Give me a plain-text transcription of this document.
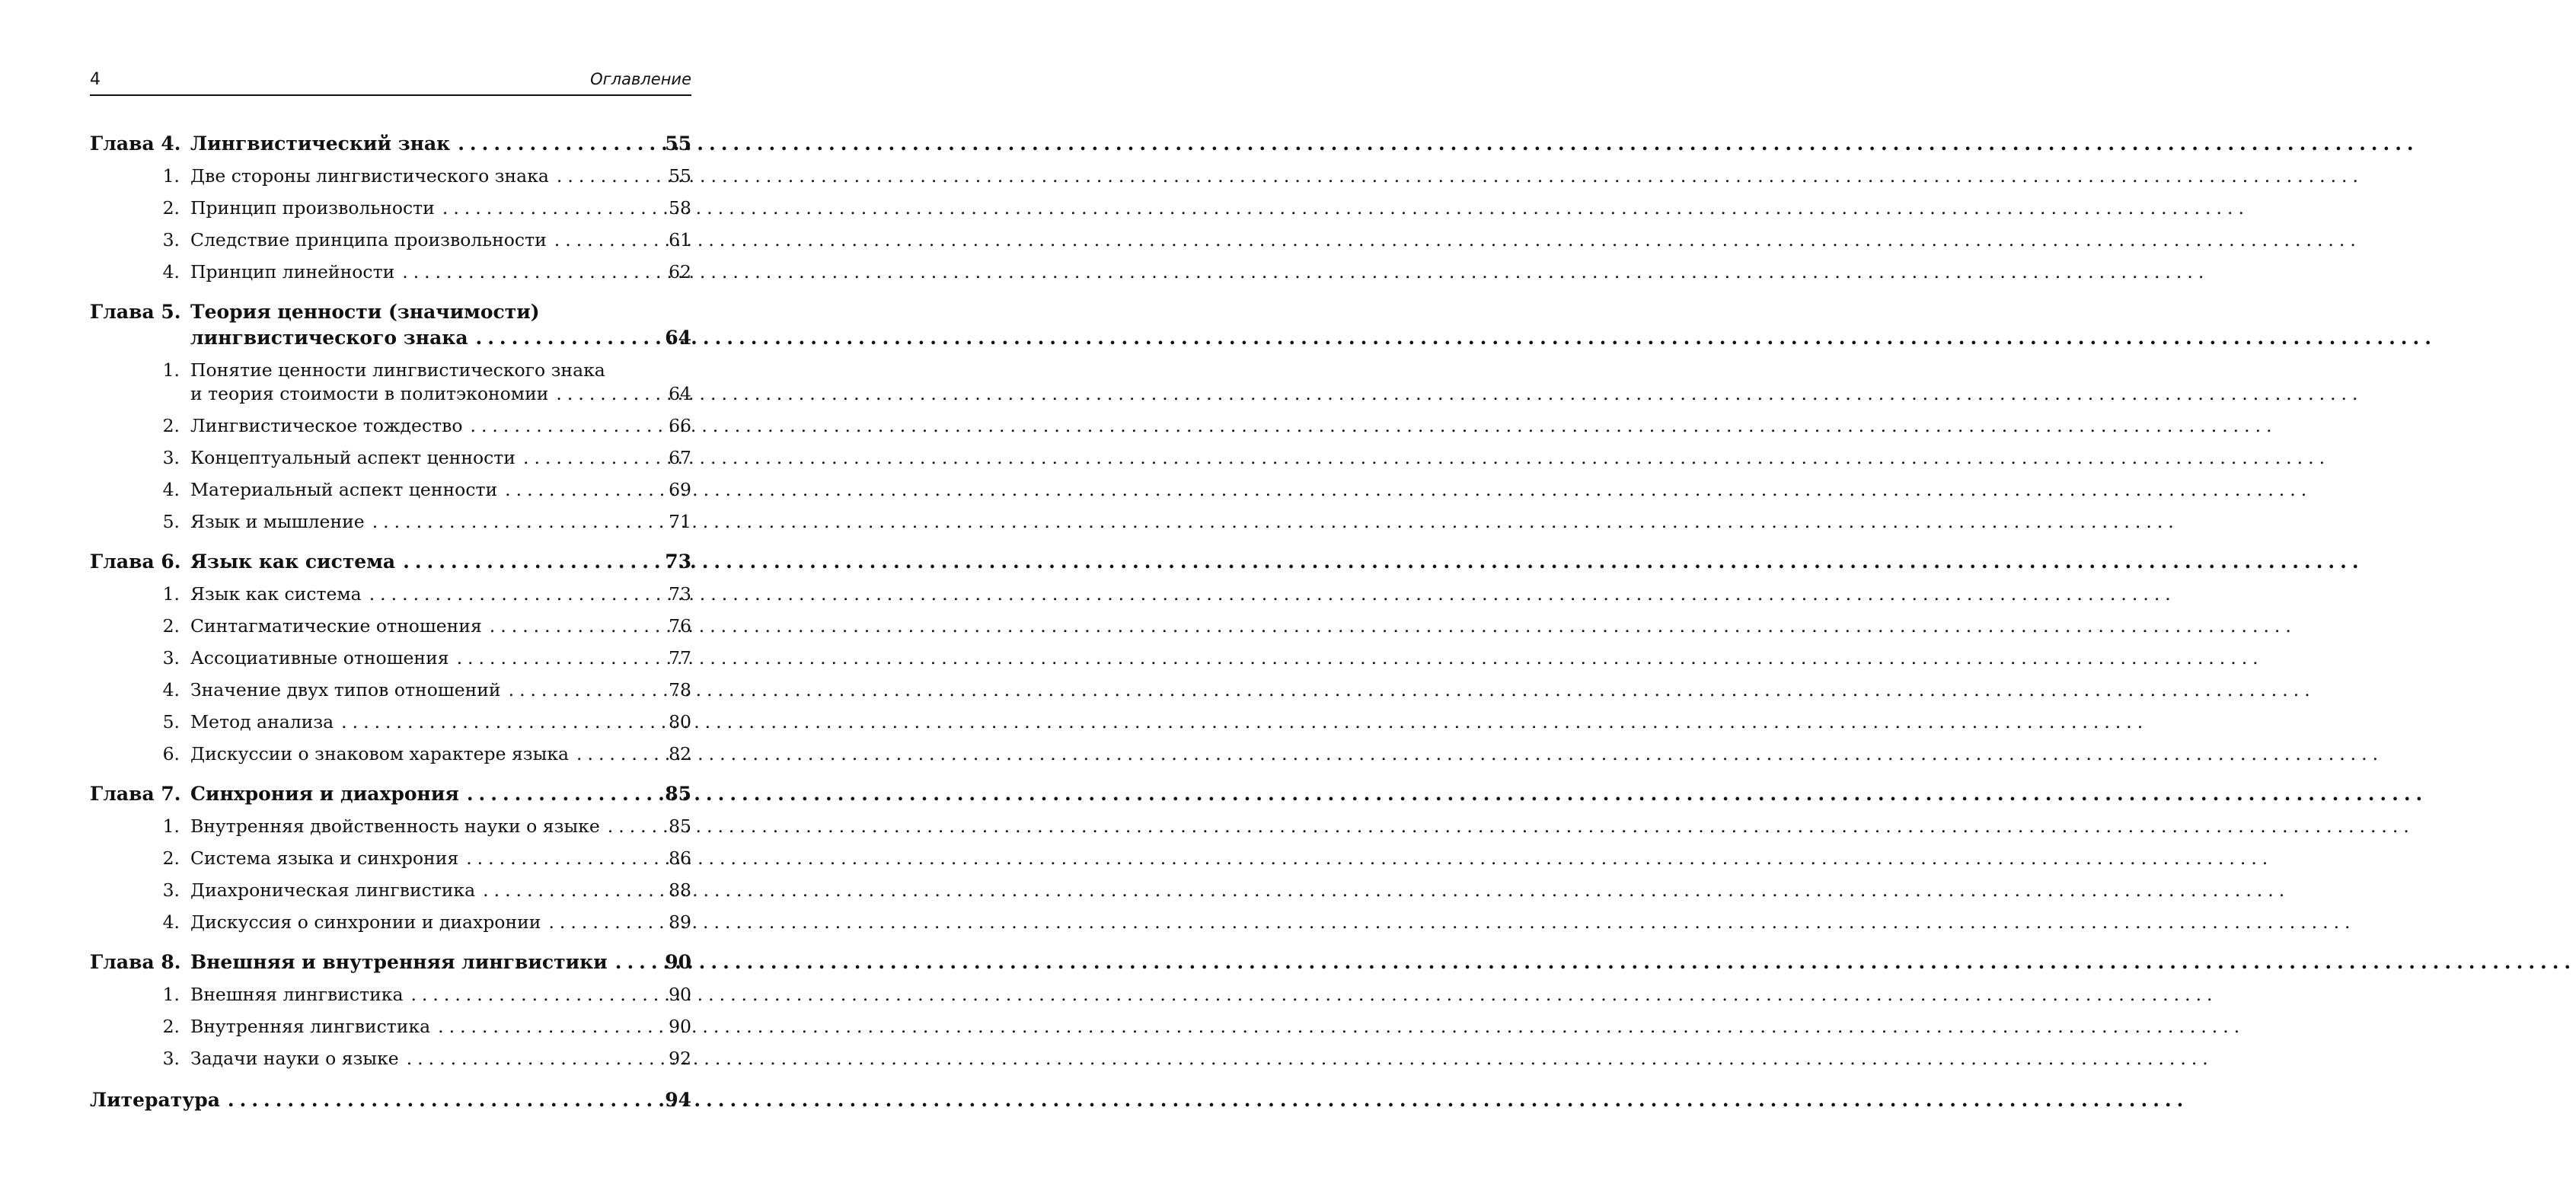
4	Оглавление
Глава 4. Лингвистический знак .....	55
1. Две стороны лингвистического знака .....	55
2. Принцип произвольности .....	58
3. Следствие принципа произвольности .....	61
4. Принцип линейности .....	62
Глава 5. Теория ценности (значимости)
лингвистического знака .....	64
1. Понятие ценности лингвистического знака
и теория стоимости в политэкономии .....	64
2. Лингвистическое тождество .....	66
3. Концептуальный аспект ценности .....	67
4. Материальный аспект ценности .....	69
5. Язык и мышление .....	71
Глава 6. Язык как система .....	73
1. Язык как система .....	73
2. Синтагматические отношения .....	76
3. Ассоциативные отношения .....	77
4. Значение двух типов отношений .....	78
5. Метод анализа .....	80
6. Дискуссии о знаковом характере языка .....	82
Глава 7. Синхрония и диахрония .....	85
1. Внутренняя двойственность науки о языке .....	85
2. Система языка и синхрония .....	86
3. Диахроническая лингвистика .....	88
4. Дискуссия о синхронии и диахронии .....	89
Глава 8. Внешняя и внутренняя лингвистики .....	90
1. Внешняя лингвистика .....	90
2. Внутренняя лингвистика .....	90
3. Задачи науки о языке .....	92
Литература .....	94
